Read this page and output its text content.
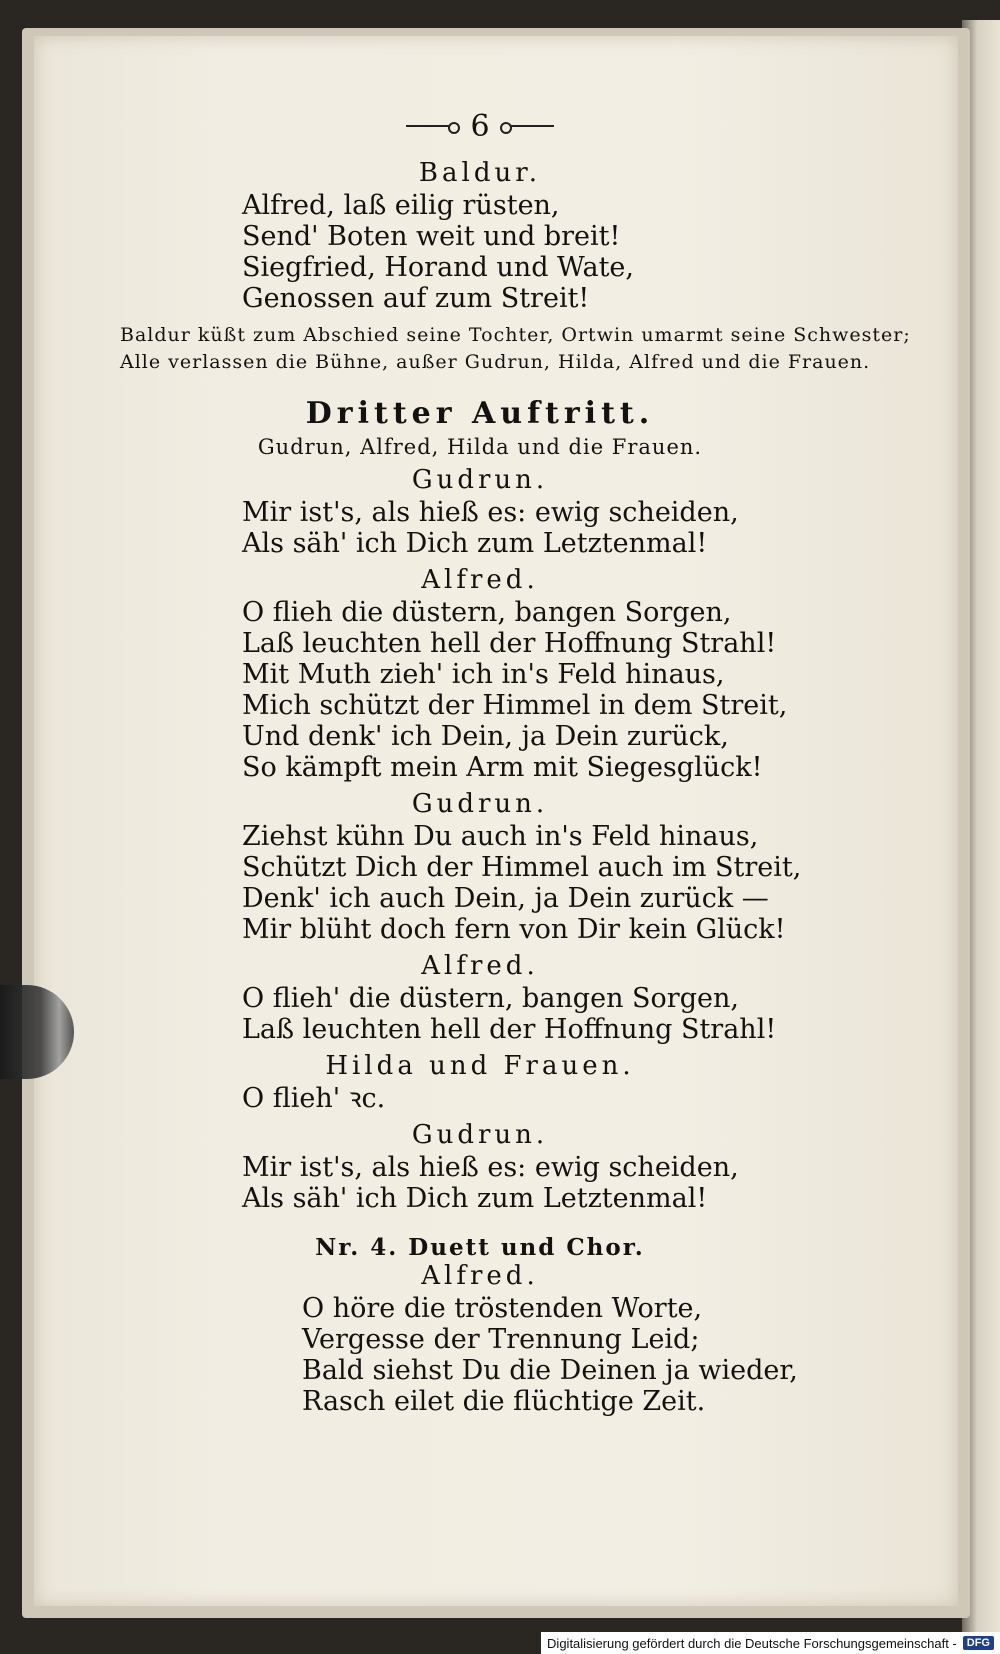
6
Baldur.
Alfred, laß eilig rüsten,
Send' Boten weit und breit!
Siegfried, Horand und Wate,
Genossen auf zum Streit!
Baldur küßt zum Abschied seine Tochter, Ortwin umarmt seine Schwester;
Alle verlassen die Bühne, außer Gudrun, Hilda, Alfred und die Frauen.
Dritter Auftritt.
Gudrun, Alfred, Hilda und die Frauen.
Gudrun.
Mir ist's, als hieß es: ewig scheiden,
Als säh' ich Dich zum Letztenmal!
Alfred.
O flieh die düstern, bangen Sorgen,
Laß leuchten hell der Hoffnung Strahl!
Mit Muth zieh' ich in's Feld hinaus,
Mich schützt der Himmel in dem Streit,
Und denk' ich Dein, ja Dein zurück,
So kämpft mein Arm mit Siegesglück!
Gudrun.
Ziehst kühn Du auch in's Feld hinaus,
Schützt Dich der Himmel auch im Streit,
Denk' ich auch Dein, ja Dein zurück —
Mir blüht doch fern von Dir kein Glück!
Alfred.
O flieh' die düstern, bangen Sorgen,
Laß leuchten hell der Hoffnung Strahl!
Hilda und Frauen.
O flieh' ꝛc.
Gudrun.
Mir ist's, als hieß es: ewig scheiden,
Als säh' ich Dich zum Letztenmal!
Nr. 4. Duett und Chor.
Alfred.
O höre die tröstenden Worte,
Vergesse der Trennung Leid;
Bald siehst Du die Deinen ja wieder,
Rasch eilet die flüchtige Zeit.
Digitalisierung gefördert durch die Deutsche Forschungsgemeinschaft - DFG
